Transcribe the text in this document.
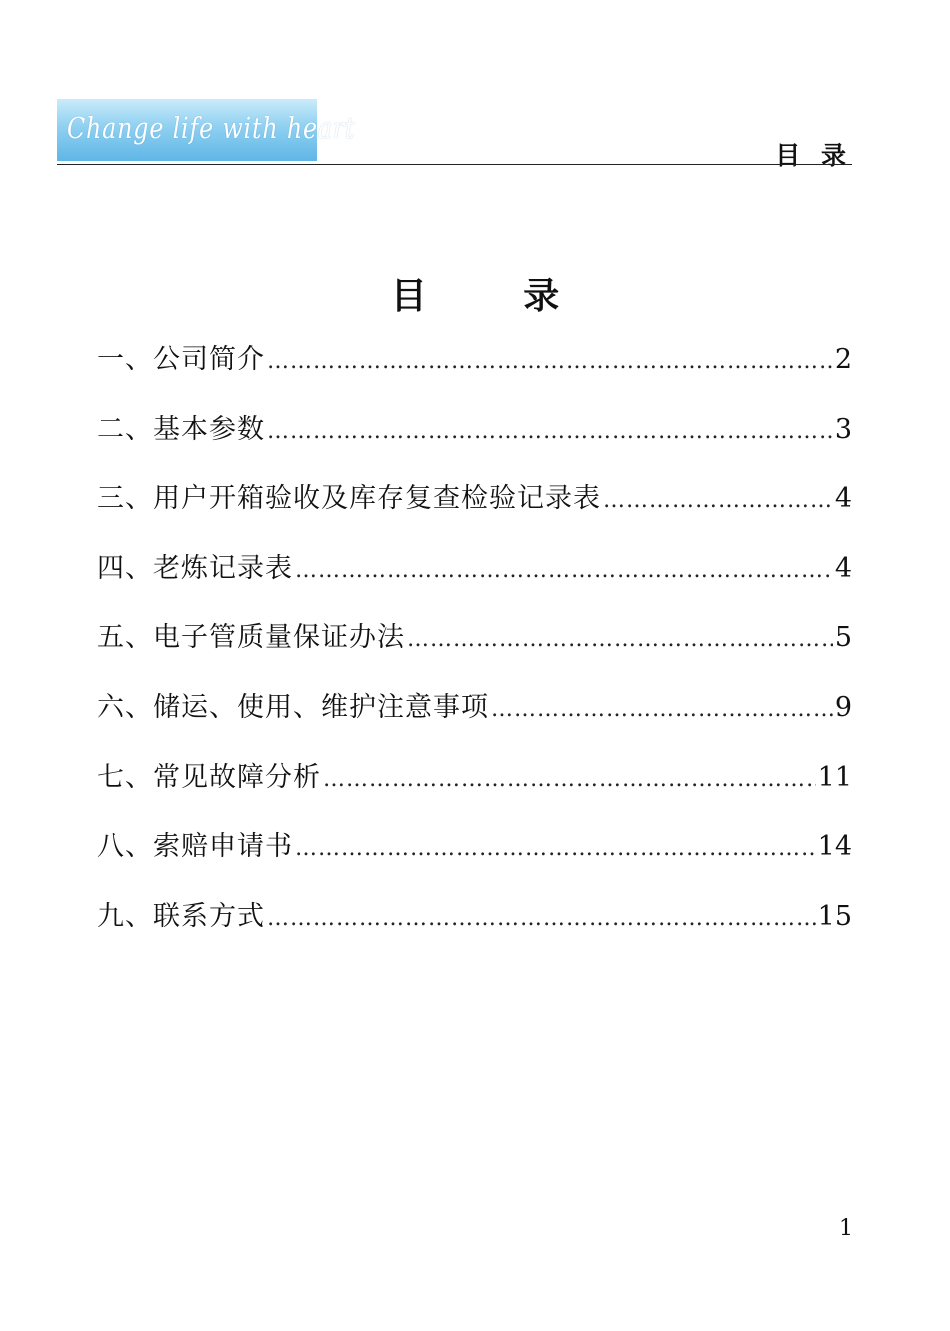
Change life with heart
目 录
目 录
一、公司简介 ……………………………………………………………………………………………………………………………………	2
二、基本参数 ……………………………………………………………………………………………………………………………………	3
三、用户开箱验收及库存复查检验记录表 ……………………………………………………………………………………………………………………………………	4
四、老炼记录表 ……………………………………………………………………………………………………………………………………	4
五、电子管质量保证办法 ……………………………………………………………………………………………………………………………………	5
六、储运、使用、维护注意事项 ……………………………………………………………………………………………………………………………………	9
七、常见故障分析 ……………………………………………………………………………………………………………………………………	11
八、索赔申请书 ……………………………………………………………………………………………………………………………………	14
九、联系方式 ……………………………………………………………………………………………………………………………………	15
1
